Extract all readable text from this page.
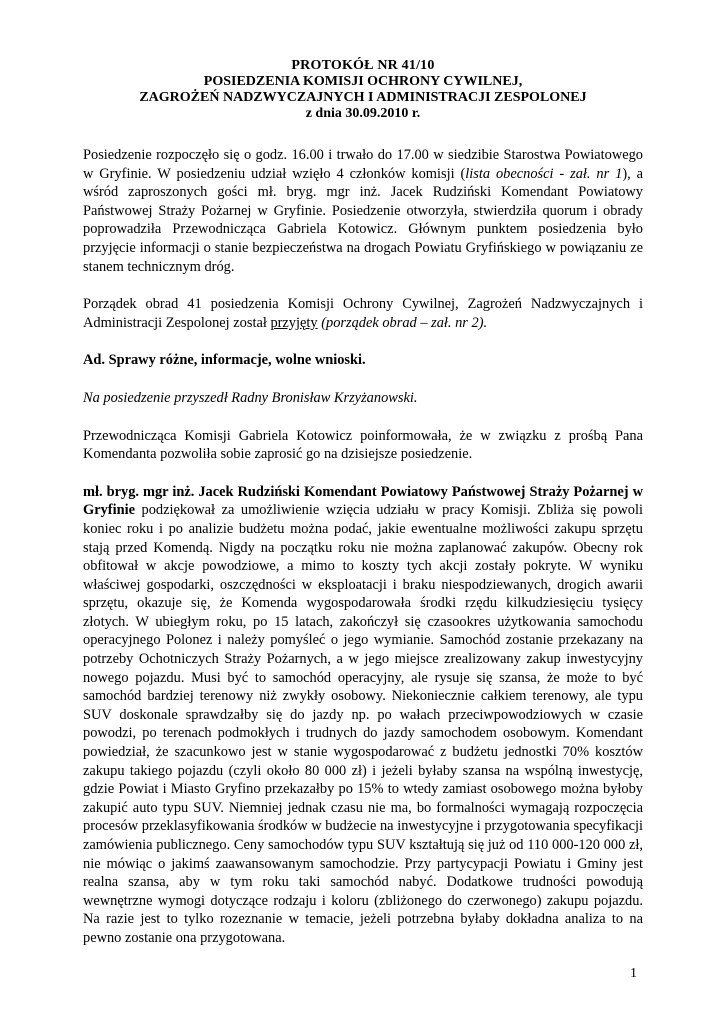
PROTOKÓŁ NR 41/10
POSIEDZENIA KOMISJI OCHRONY CYWILNEJ,
ZAGROŻEŃ NADZWYCZAJNYCH I ADMINISTRACJI ZESPOLONEJ
z dnia 30.09.2010 r.

Posiedzenie rozpoczęło się o godz. 16.00 i trwało do 17.00 w siedzibie Starostwa Powiatowego w Gryfinie. W posiedzeniu udział wzięło 4 członków komisji (lista obecności - zał. nr 1), a wśród zaproszonych gości mł. bryg. mgr inż. Jacek Rudziński Komendant Powiatowy Państwowej Straży Pożarnej w Gryfinie. Posiedzenie otworzyła, stwierdziła quorum i obrady poprowadziła Przewodnicząca Gabriela Kotowicz. Głównym punktem posiedzenia było przyjęcie informacji o stanie bezpieczeństwa na drogach Powiatu Gryfińskiego w powiązaniu ze stanem technicznym dróg.

Porządek obrad 41 posiedzenia Komisji Ochrony Cywilnej, Zagrożeń Nadzwyczajnych i Administracji Zespolonej został przyjęty (porządek obrad – zał. nr 2).

Ad. Sprawy różne, informacje, wolne wnioski.

Na posiedzenie przyszedł Radny Bronisław Krzyżanowski.

Przewodnicząca Komisji Gabriela Kotowicz poinformowała, że w związku z prośbą Pana Komendanta pozwoliła sobie zaprosić go na dzisiejsze posiedzenie.

mł. bryg. mgr inż. Jacek Rudziński Komendant Powiatowy Państwowej Straży Pożarnej w Gryfinie podziękował za umożliwienie wzięcia udziału w pracy Komisji. Zbliża się powoli koniec roku i po analizie budżetu można podać, jakie ewentualne możliwości zakupu sprzętu stają przed Komendą. Nigdy na początku roku nie można zaplanować zakupów. Obecny rok obfitował w akcje powodziowe, a mimo to koszty tych akcji zostały pokryte. W wyniku właściwej gospodarki, oszczędności w eksploatacji i braku niespodziewanych, drogich awarii sprzętu, okazuje się, że Komenda wygospodarowała środki rzędu kilkudziesięciu tysięcy złotych. W ubiegłym roku, po 15 latach, zakończył się czasookres użytkowania samochodu operacyjnego Polonez i należy pomyśleć o jego wymianie. Samochód zostanie przekazany na potrzeby Ochotniczych Straży Pożarnych, a w jego miejsce zrealizowany zakup inwestycyjny nowego pojazdu. Musi być to samochód operacyjny, ale rysuje się szansa, że może to być samochód bardziej terenowy niż zwykły osobowy. Niekoniecznie całkiem terenowy, ale typu SUV doskonale sprawdzałby się do jazdy np. po wałach przeciwpowodziowych w czasie powodzi, po terenach podmokłych i trudnych do jazdy samochodem osobowym. Komendant powiedział, że szacunkowo jest w stanie wygospodarować z budżetu jednostki 70% kosztów zakupu takiego pojazdu (czyli około 80 000 zł) i jeżeli byłaby szansa na wspólną inwestycję, gdzie Powiat i Miasto Gryfino przekazałby po 15% to wtedy zamiast osobowego można byłoby zakupić auto typu SUV. Niemniej jednak czasu nie ma, bo formalności wymagają rozpoczęcia procesów przeklasyfikowania środków w budżecie na inwestycyjne i przygotowania specyfikacji zamówienia publicznego. Ceny samochodów typu SUV kształtują się już od 110 000-120 000 zł, nie mówiąc o jakimś zaawansowanym samochodzie. Przy partycypacji Powiatu i Gminy jest realna szansa, aby w tym roku taki samochód nabyć. Dodatkowe trudności powodują wewnętrzne wymogi dotyczące rodzaju i koloru (zbliżonego do czerwonego) zakupu pojazdu. Na razie jest to tylko rozeznanie w temacie, jeżeli potrzebna byłaby dokładna analiza to na pewno zostanie ona przygotowana.

1
